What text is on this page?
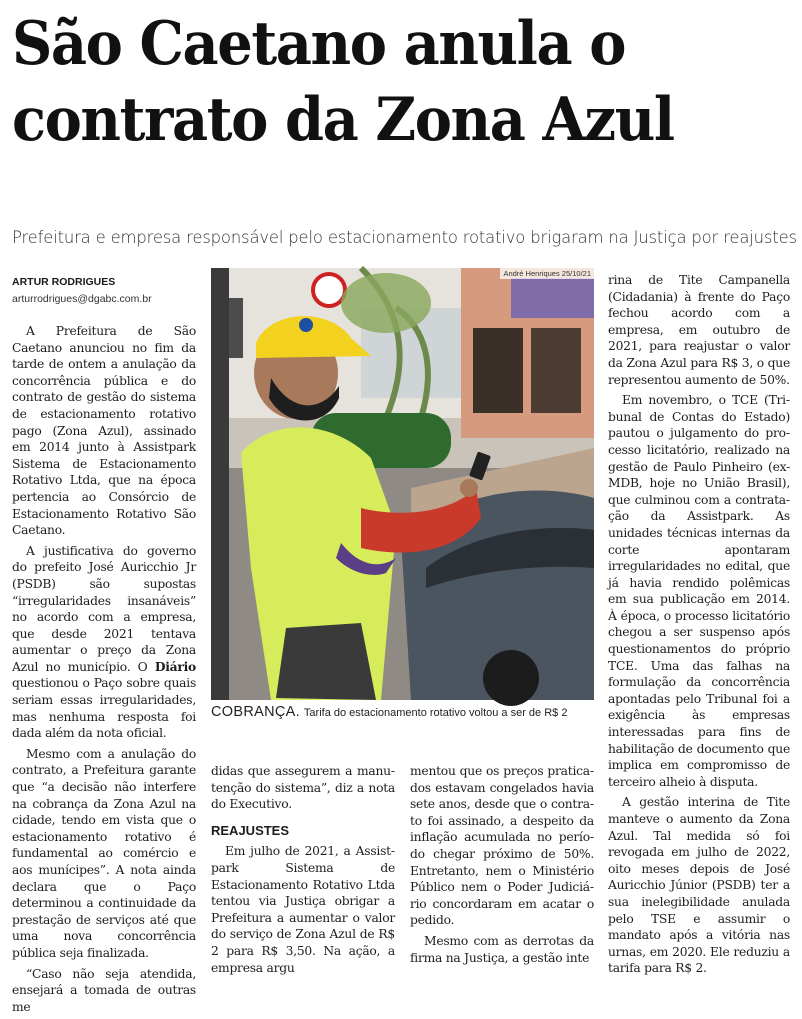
São Caetano anula o contrato da Zona Azul
Prefeitura e empresa responsável pelo estacionamento rotativo brigaram na Justiça por reajustes
ARTUR RODRIGUES
arturrodrigues@dgabc.com.br

A Prefeitura de São Caetano anunciou no fim da tarde de ontem a anulação da concorrência pública e do contrato de gestão do sistema de estacionamento rotativo pago (Zona Azul), assinado em 2014 junto à Assistpark Sistema de Estacionamento Rotativo Ltda, que na época pertencia ao Consórcio de Estacionamento Rotativo São Caetano.

A justificativa do governo do prefeito José Auricchio Jr (PSDB) são supostas “irregularidades insanáveis” no acordo com a empresa, que desde 2021 tentava aumentar o preço da Zona Azul no município. O Diário questionou o Paço sobre quais seriam essas irregularidades, mas nenhuma resposta foi dada além da nota oficial.

Mesmo com a anulação do contrato, a Prefeitura garante que “a decisão não interfere na cobrança da Zona Azul na cidade, tendo em vista que o estacionamento rotativo é fundamental ao comércio e aos munícipes”. A nota ainda declara que o Paço determinou a continuidade da prestação de serviços até que uma nova concorrência pública seja finalizada.

“Caso não seja atendida, ensejará a tomada de outras me

André Henriques 25/10/21
COBRANÇA. Tarifa do estacionamento rotativo voltou a ser de R$ 2

didas que assegurem a manutenção do sistema”, diz a nota do Executivo.

REAJUSTES

Em julho de 2021, a Assistpark Sistema de Estacionamento Rotativo Ltda tentou via Justiça obrigar a Prefeitura a aumentar o valor do serviço de Zona Azul de R$ 2 para R$ 3,50. Na ação, a empresa argu

mentou que os preços praticados estavam congelados havia sete anos, desde que o contrato foi assinado, a despeito da inflação acumulada no período chegar próximo de 50%. Entretanto, nem o Ministério Público nem o Poder Judiciário concordaram em acatar o pedido.

Mesmo com as derrotas da firma na Justiça, a gestão inte

rina de Tite Campanella (Cidadania) à frente do Paço fechou acordo com a empresa, em outubro de 2021, para reajustar o valor da Zona Azul para R$ 3, o que representou aumento de 50%.

Em novembro, o TCE (Tribunal de Contas do Estado) pautou o julgamento do processo licitatório, realizado na gestão de Paulo Pinheiro (ex-MDB, hoje no União Brasil), que culminou com a contratação da Assistpark. As unidades técnicas internas da corte apontaram irregularidades no edital, que já havia rendido polêmicas em sua publicação em 2014. À época, o processo licitatório chegou a ser suspenso após questionamentos do próprio TCE. Uma das falhas na formulação da concorrência apontadas pelo Tribunal foi a exigência às empresas interessadas para fins de habilitação de documento que implica em compromisso de terceiro alheio à disputa.

A gestão interina de Tite manteve o aumento da Zona Azul. Tal medida só foi revogada em julho de 2022, oito meses depois de José Auricchio Júnior (PSDB) ter a sua inelegibilidade anulada pelo TSE e assumir o mandato após a vitória nas urnas, em 2020. Ele reduziu a tarifa para R$ 2.
